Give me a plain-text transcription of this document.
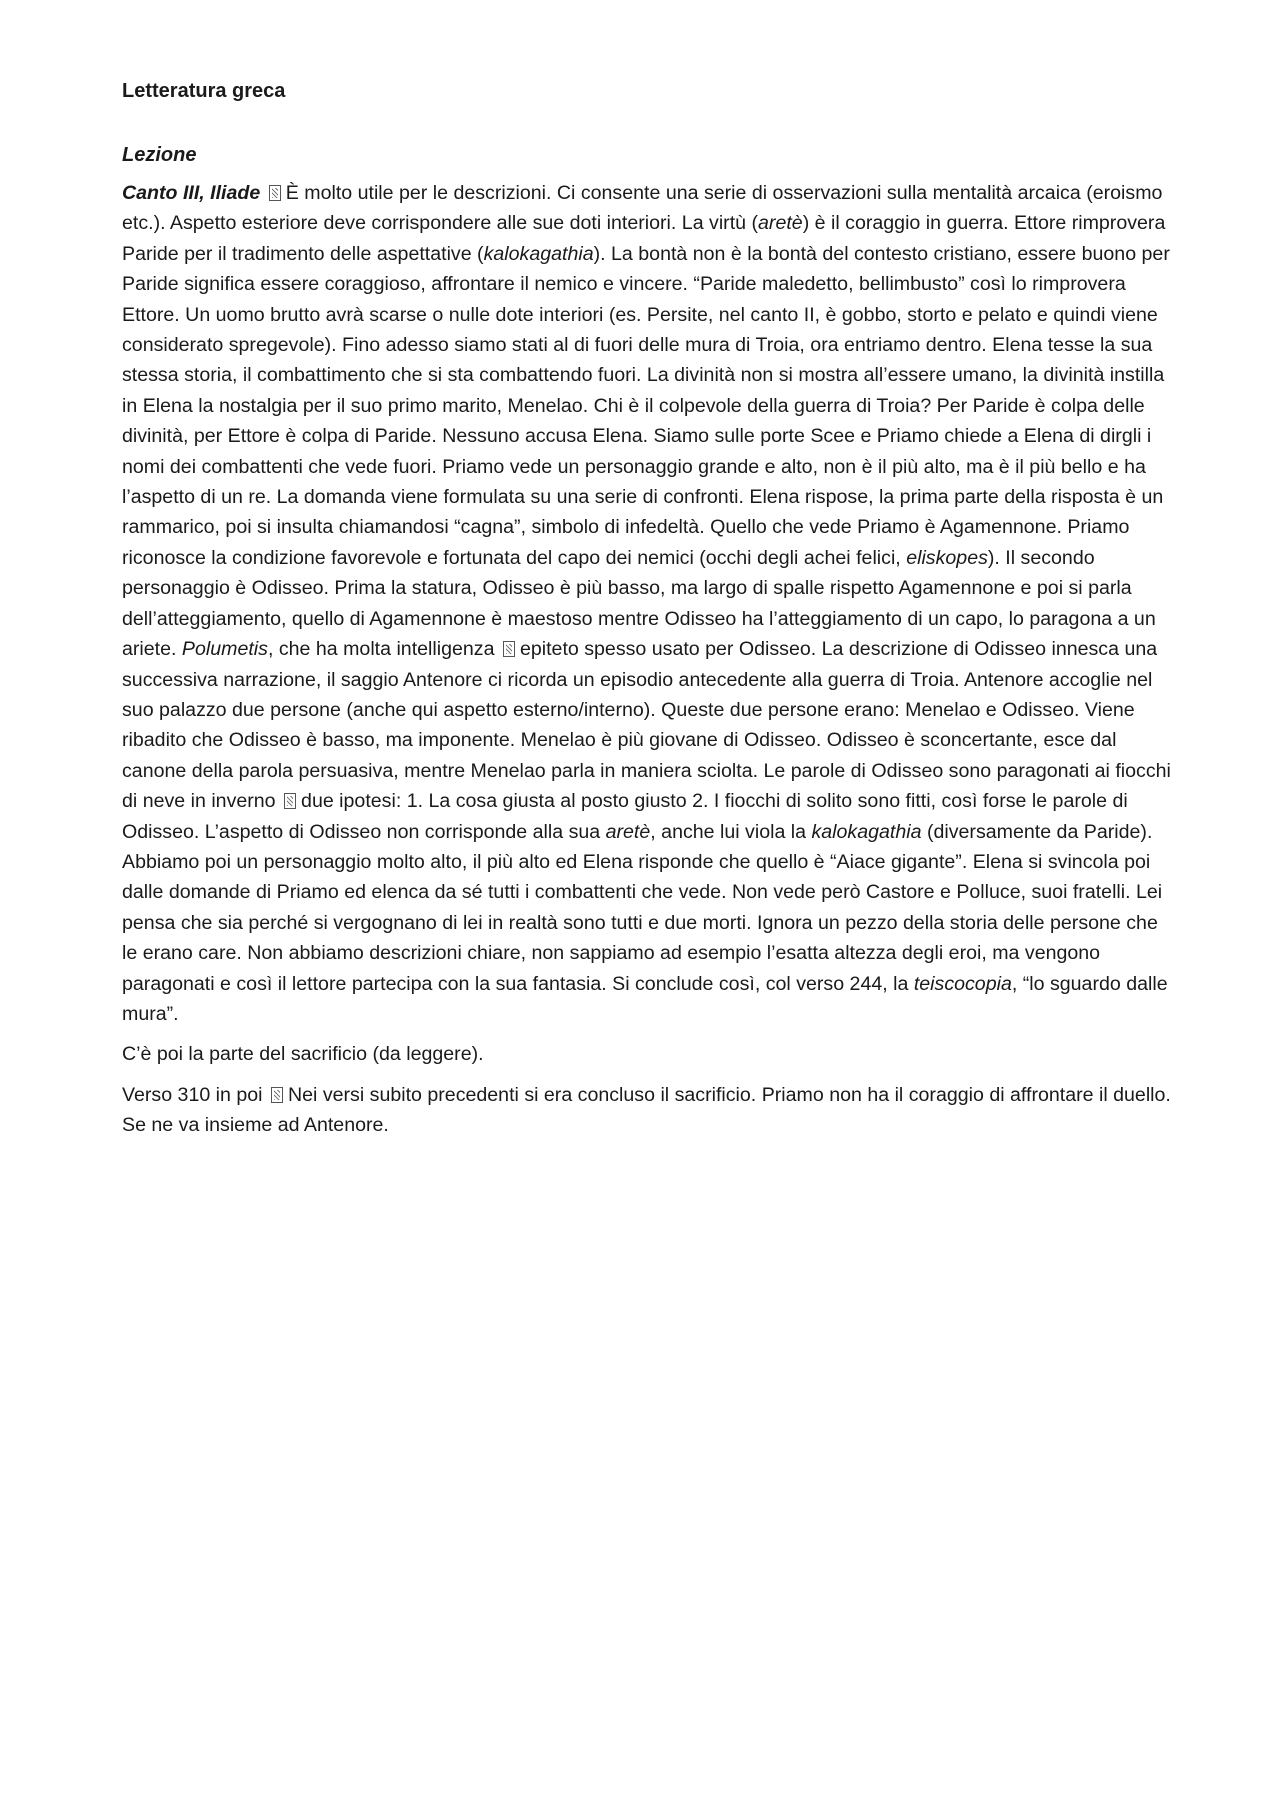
Letteratura greca
Lezione

Canto III, Iliade È molto utile per le descrizioni. Ci consente una serie di osservazioni sulla mentalità arcaica (eroismo etc.). Aspetto esteriore deve corrispondere alle sue doti interiori. La virtù (aretè) è il coraggio in guerra. Ettore rimprovera Paride per il tradimento delle aspettative (kalokagathia). La bontà non è la bontà del contesto cristiano, essere buono per Paride significa essere coraggioso, affrontare il nemico e vincere. “Paride maledetto, bellimbusto” così lo rimprovera Ettore. Un uomo brutto avrà scarse o nulle dote interiori (es. Persite, nel canto II, è gobbo, storto e pelato e quindi viene considerato spregevole). Fino adesso siamo stati al di fuori delle mura di Troia, ora entriamo dentro. Elena tesse la sua stessa storia, il combattimento che si sta combattendo fuori. La divinità non si mostra all’essere umano, la divinità instilla in Elena la nostalgia per il suo primo marito, Menelao. Chi è il colpevole della guerra di Troia? Per Paride è colpa delle divinità, per Ettore è colpa di Paride. Nessuno accusa Elena. Siamo sulle porte Scee e Priamo chiede a Elena di dirgli i nomi dei combattenti che vede fuori. Priamo vede un personaggio grande e alto, non è il più alto, ma è il più bello e ha l’aspetto di un re. La domanda viene formulata su una serie di confronti. Elena rispose, la prima parte della risposta è un rammarico, poi si insulta chiamandosi “cagna”, simbolo di infedeltà. Quello che vede Priamo è Agamennone. Priamo riconosce la condizione favorevole e fortunata del capo dei nemici (occhi degli achei felici, eliskopes). Il secondo personaggio è Odisseo. Prima la statura, Odisseo è più basso, ma largo di spalle rispetto Agamennone e poi si parla dell’atteggiamento, quello di Agamennone è maestoso mentre Odisseo ha l’atteggiamento di un capo, lo paragona a un ariete. Polumetis, che ha molta intelligenza epiteto spesso usato per Odisseo. La descrizione di Odisseo innesca una successiva narrazione, il saggio Antenore ci ricorda un episodio antecedente alla guerra di Troia. Antenore accoglie nel suo palazzo due persone (anche qui aspetto esterno/interno). Queste due persone erano: Menelao e Odisseo. Viene ribadito che Odisseo è basso, ma imponente. Menelao è più giovane di Odisseo. Odisseo è sconcertante, esce dal canone della parola persuasiva, mentre Menelao parla in maniera sciolta. Le parole di Odisseo sono paragonati ai fiocchi di neve in inverno due ipotesi: 1. La cosa giusta al posto giusto 2. I fiocchi di solito sono fitti, così forse le parole di Odisseo. L’aspetto di Odisseo non corrisponde alla sua aretè, anche lui viola la kalokagathia (diversamente da Paride). Abbiamo poi un personaggio molto alto, il più alto ed Elena risponde che quello è “Aiace gigante”. Elena si svincola poi dalle domande di Priamo ed elenca da sé tutti i combattenti che vede. Non vede però Castore e Polluce, suoi fratelli. Lei pensa che sia perché si vergognano di lei in realtà sono tutti e due morti. Ignora un pezzo della storia delle persone che le erano care. Non abbiamo descrizioni chiare, non sappiamo ad esempio l’esatta altezza degli eroi, ma vengono paragonati e così il lettore partecipa con la sua fantasia. Si conclude così, col verso 244, la teiscocopia, “lo sguardo dalle mura”.

C’è poi la parte del sacrificio (da leggere).

Verso 310 in poi Nei versi subito precedenti si era concluso il sacrificio. Priamo non ha il coraggio di affrontare il duello. Se ne va insieme ad Antenore.
